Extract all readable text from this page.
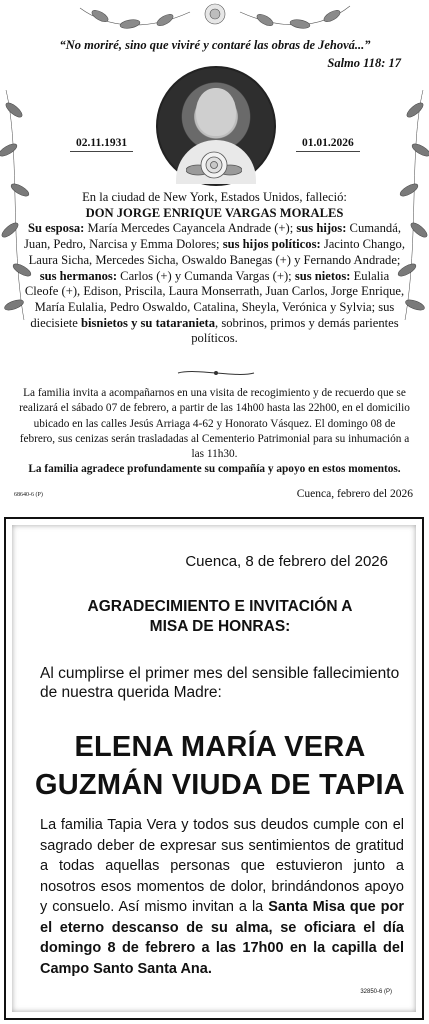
“No moriré, sino que viviré y contaré las obras de Jehová...”
Salmo 118: 17
02.11.1931	01.01.2026
En la ciudad de New York, Estados Unidos, falleció:
DON JORGE ENRIQUE VARGAS MORALES
Su esposa: María Mercedes Cayancela Andrade (+); sus hijos: Cumandá, Juan, Pedro, Narcisa y Emma Dolores; sus hijos políticos: Jacinto Chango, Laura Sicha, Mercedes Sicha, Oswaldo Banegas (+) y Fernando Andrade; sus hermanos: Carlos (+) y Cumanda Vargas (+); sus nietos: Eulalia Cleofe (+), Edison, Priscila, Laura Monserrath, Juan Carlos, Jorge Enrique, María Eulalia, Pedro Oswaldo, Catalina, Sheyla, Verónica y Sylvia; sus diecisiete bisnietos y su tataranieta, sobrinos, primos y demás parientes políticos.
La familia invita a acompañarnos en una visita de recogimiento y de recuerdo que se realizará el sábado 07 de febrero, a partir de las 14h00 hasta las 22h00, en el domicilio ubicado en las calles Jesús Arriaga 4-62 y Honorato Vásquez. El domingo 08 de febrero, sus cenizas serán trasladadas al Cementerio Patrimonial para su inhumación a las 11h30.
La familia agradece profundamente su compañía y apoyo en estos momentos.
68640-6 (P)	Cuenca, febrero del 2026
Cuenca, 8 de febrero del 2026
AGRADECIMIENTO E INVITACIÓN A
MISA DE HONRAS:
Al cumplirse el primer mes del sensible fallecimiento de nuestra querida Madre:
ELENA MARÍA VERA
GUZMÁN VIUDA DE TAPIA
La familia Tapia Vera y todos sus deudos cumple con el sagrado deber de expresar sus sentimientos de gratitud a todas aquellas personas que estuvieron junto a nosotros esos momentos de dolor, brindándonos apoyo y consuelo. Así mismo invitan a la Santa Misa que por el eterno descanso de su alma, se oficiara el día domingo 8 de febrero a las 17h00 en la capilla del Campo Santo Santa Ana.
32850-6 (P)
